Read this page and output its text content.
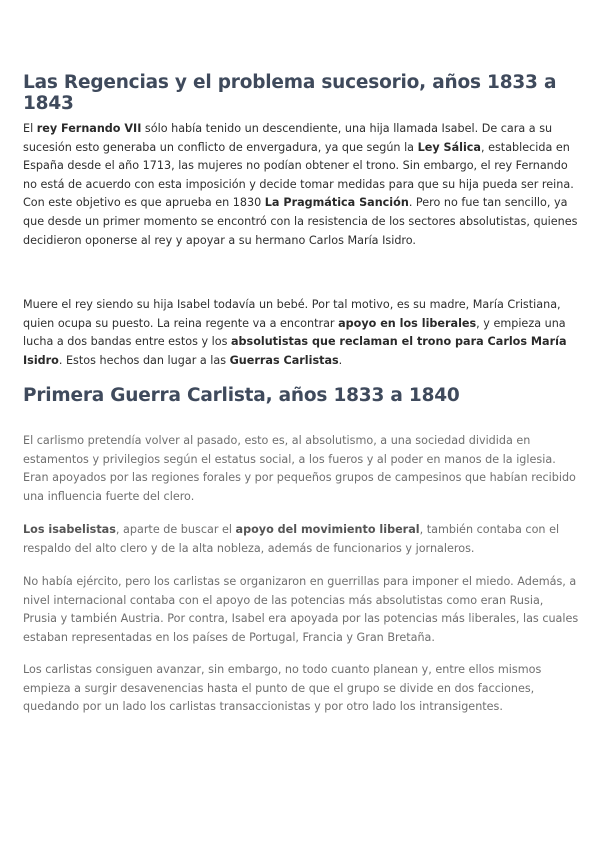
Las Regencias y el problema sucesorio, años 1833 a 1843

El rey Fernando VII sólo había tenido un descendiente, una hija llamada Isabel. De cara a su sucesión esto generaba un conflicto de envergadura, ya que según la Ley Sálica, establecida en España desde el año 1713, las mujeres no podían obtener el trono. Sin embargo, el rey Fernando no está de acuerdo con esta imposición y decide tomar medidas para que su hija pueda ser reina. Con este objetivo es que aprueba en 1830 La Pragmática Sanción. Pero no fue tan sencillo, ya que desde un primer momento se encontró con la resistencia de los sectores absolutistas, quienes decidieron oponerse al rey y apoyar a su hermano Carlos María Isidro.

Muere el rey siendo su hija Isabel todavía un bebé. Por tal motivo, es su madre, María Cristiana, quien ocupa su puesto. La reina regente va a encontrar apoyo en los liberales, y empieza una lucha a dos bandas entre estos y los absolutistas que reclaman el trono para Carlos María Isidro. Estos hechos dan lugar a las Guerras Carlistas.

Primera Guerra Carlista, años 1833 a 1840

El carlismo pretendía volver al pasado, esto es, al absolutismo, a una sociedad dividida en estamentos y privilegios según el estatus social, a los fueros y al poder en manos de la iglesia. Eran apoyados por las regiones forales y por pequeños grupos de campesinos que habían recibido una influencia fuerte del clero.

Los isabelistas, aparte de buscar el apoyo del movimiento liberal, también contaba con el respaldo del alto clero y de la alta nobleza, además de funcionarios y jornaleros.

No había ejército, pero los carlistas se organizaron en guerrillas para imponer el miedo. Además, a nivel internacional contaba con el apoyo de las potencias más absolutistas como eran Rusia, Prusia y también Austria. Por contra, Isabel era apoyada por las potencias más liberales, las cuales estaban representadas en los países de Portugal, Francia y Gran Bretaña.

Los carlistas consiguen avanzar, sin embargo, no todo cuanto planean y, entre ellos mismos empieza a surgir desavenencias hasta el punto de que el grupo se divide en dos facciones, quedando por un lado los carlistas transaccionistas y por otro lado los intransigentes.
